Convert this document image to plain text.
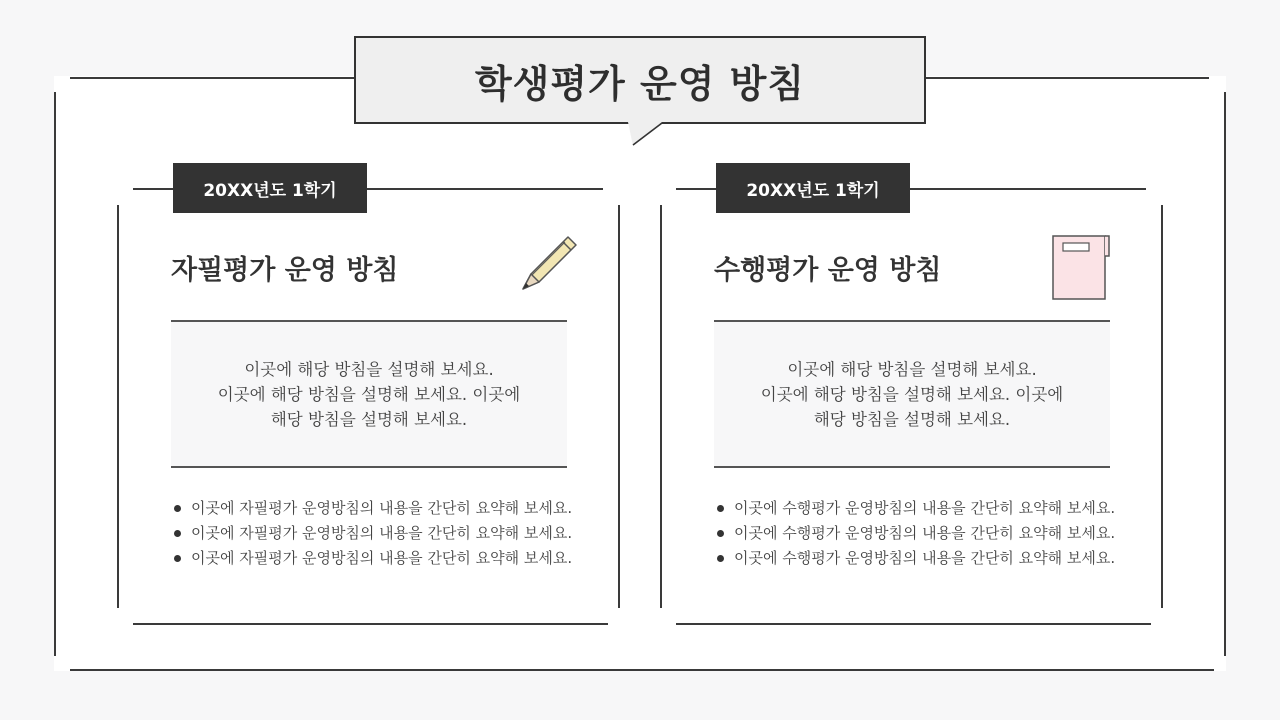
학생평가 운영 방침
20XX년도 1학기
자필평가 운영 방침

이곳에 해당 방침을 설명해 보세요.

이곳에 해당 방침을 설명해 보세요. 이곳에

해당 방침을 설명해 보세요.

이곳에 자필평가 운영방침의 내용을 간단히 요약해 보세요.
이곳에 자필평가 운영방침의 내용을 간단히 요약해 보세요.
이곳에 자필평가 운영방침의 내용을 간단히 요약해 보세요.
20XX년도 1학기
수행평가 운영 방침

이곳에 해당 방침을 설명해 보세요.

이곳에 해당 방침을 설명해 보세요. 이곳에

해당 방침을 설명해 보세요.

이곳에 수행평가 운영방침의 내용을 간단히 요약해 보세요.
이곳에 수행평가 운영방침의 내용을 간단히 요약해 보세요.
이곳에 수행평가 운영방침의 내용을 간단히 요약해 보세요.
